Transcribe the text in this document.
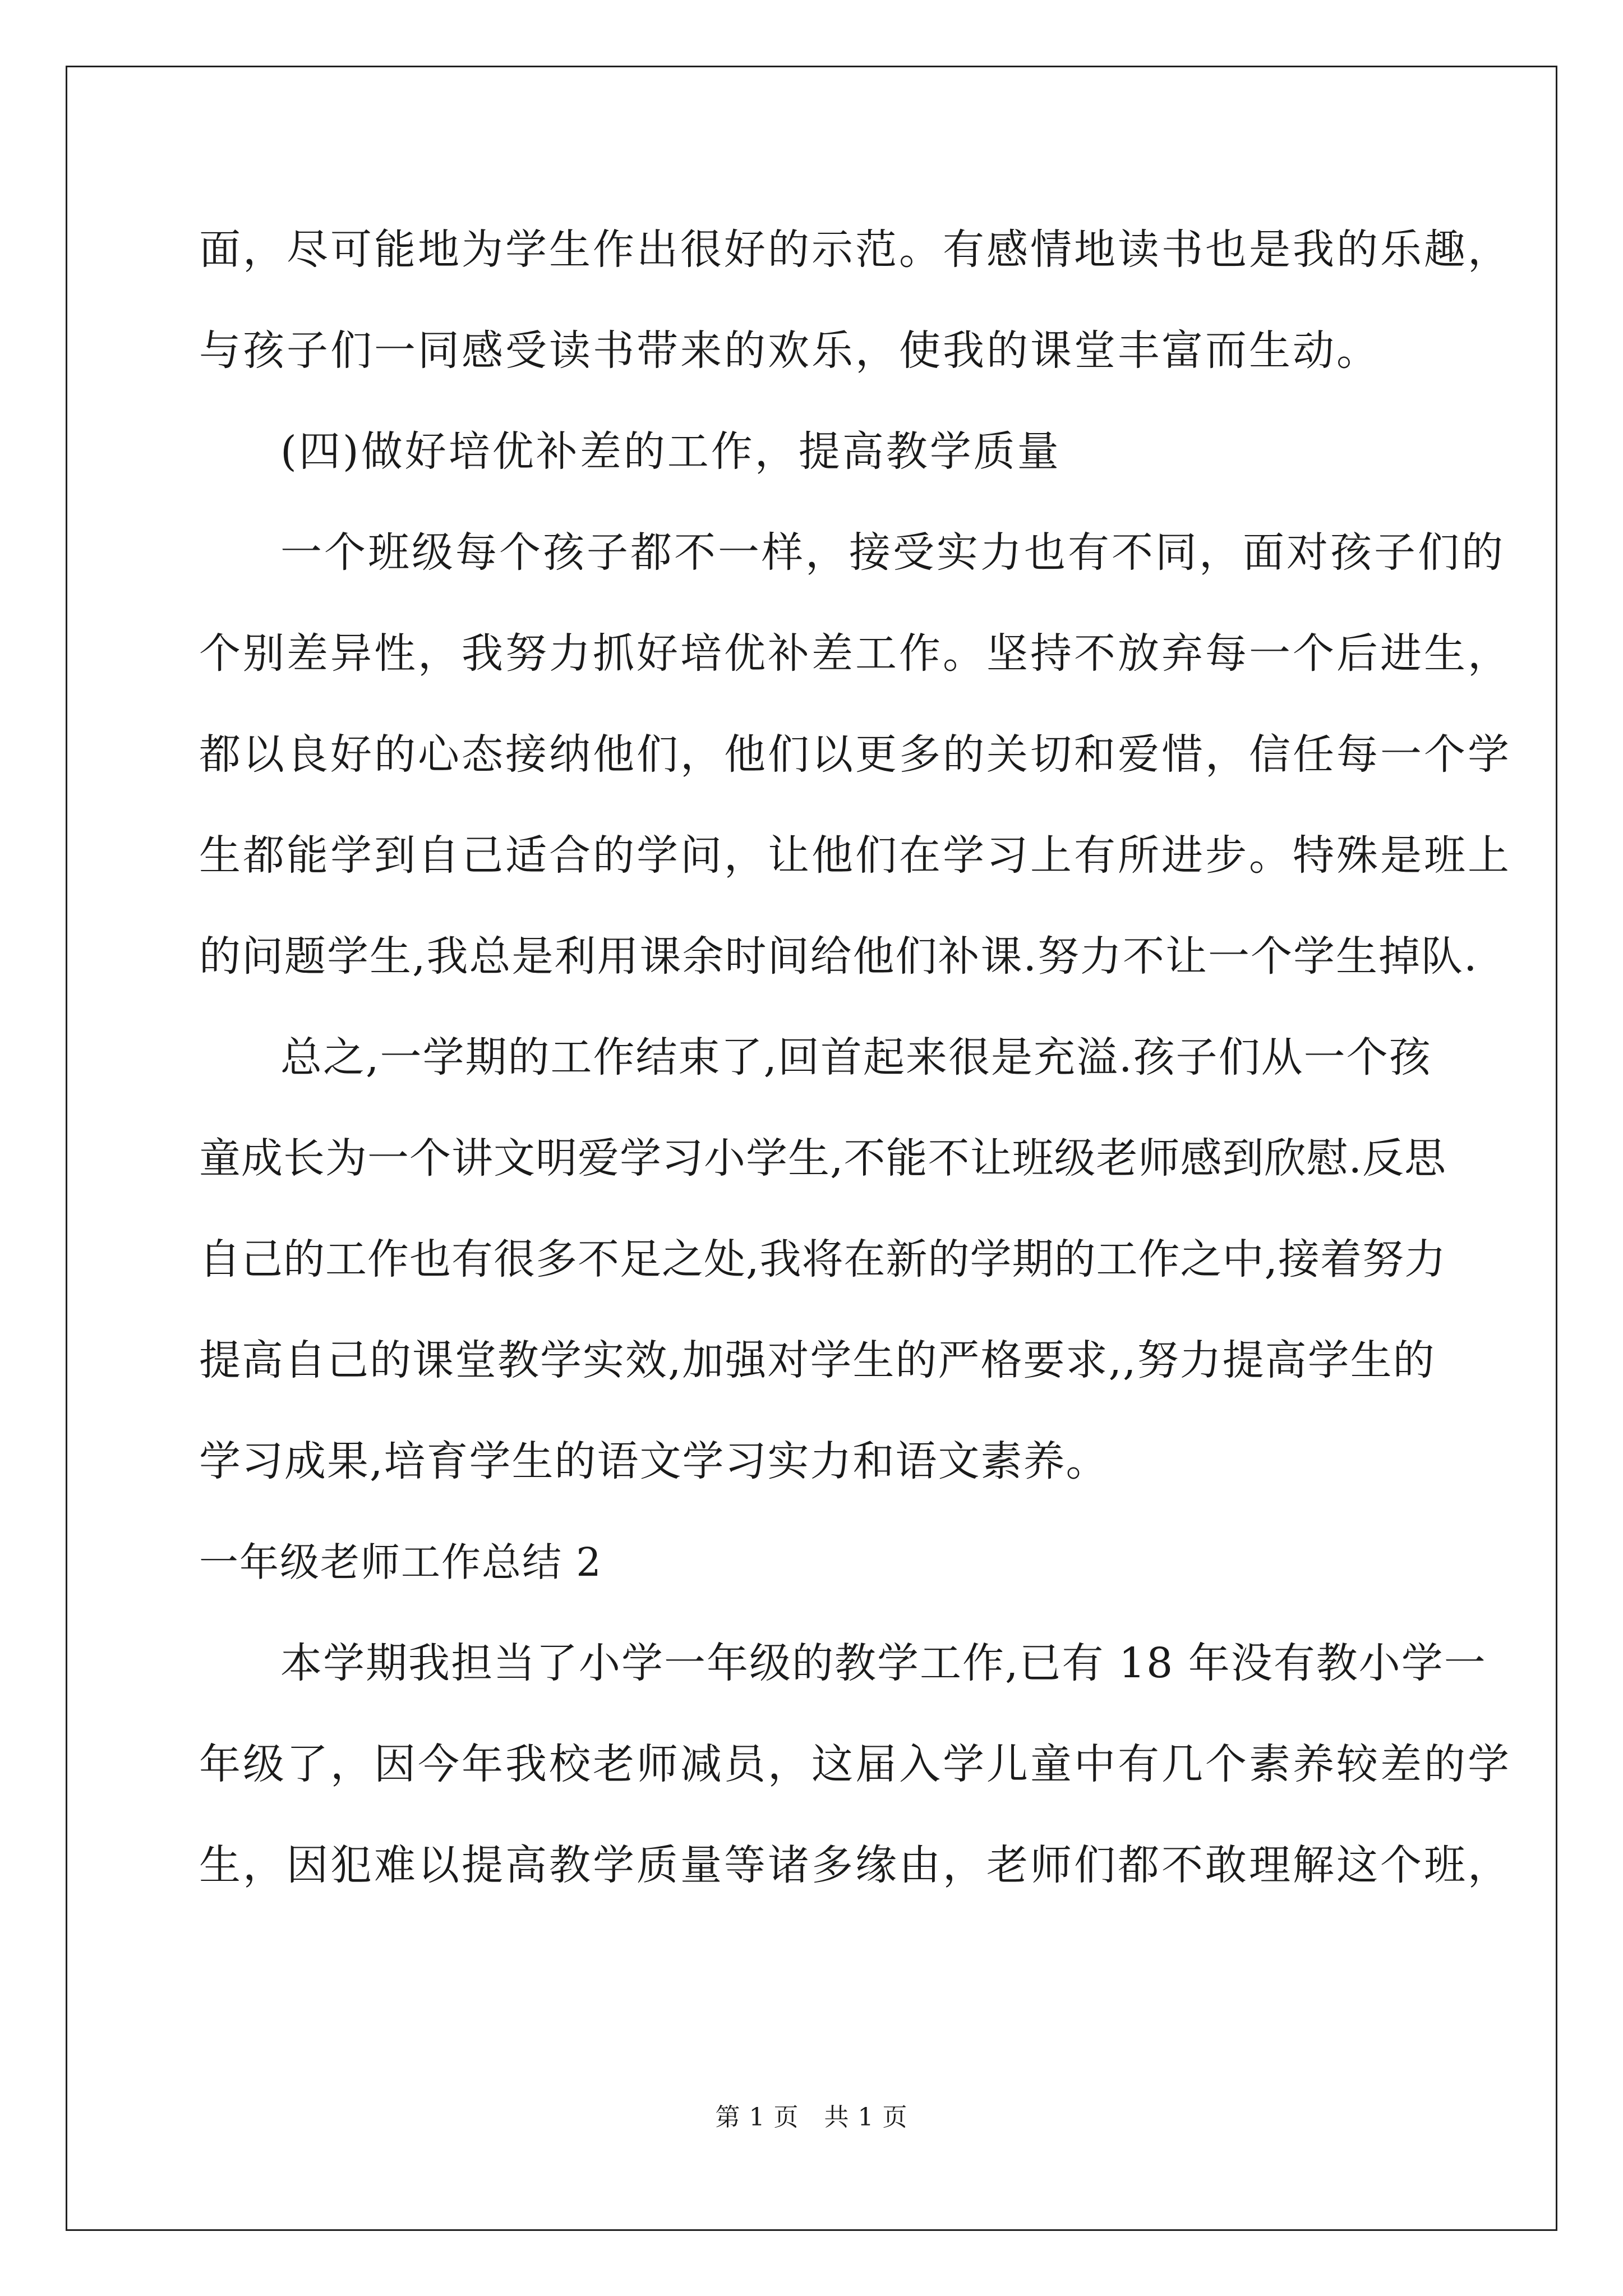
面，尽可能地为学生作出很好的示范。有感情地读书也是我的乐趣，

与孩子们一同感受读书带来的欢乐，使我的课堂丰富而生动。

(四)做好培优补差的工作，提高教学质量

一个班级每个孩子都不一样，接受实力也有不同，面对孩子们的

个别差异性，我努力抓好培优补差工作。坚持不放弃每一个后进生，

都以良好的心态接纳他们，他们以更多的关切和爱惜，信任每一个学

生都能学到自己适合的学问，让他们在学习上有所进步。特殊是班上

的问题学生,我总是利用课余时间给他们补课.努力不让一个学生掉队.

总之,一学期的工作结束了,回首起来很是充溢.孩子们从一个孩

童成长为一个讲文明爱学习小学生,不能不让班级老师感到欣慰.反思

自己的工作也有很多不足之处,我将在新的学期的工作之中,接着努力

提高自己的课堂教学实效,加强对学生的严格要求,,努力提高学生的

学习成果,培育学生的语文学习实力和语文素养。

一年级老师工作总结 2

本学期我担当了小学一年级的教学工作,已有 18 年没有教小学一

年级了，因今年我校老师减员，这届入学儿童中有几个素养较差的学

生，因犯难以提高教学质量等诸多缘由，老师们都不敢理解这个班，

第 1 页　共 1 页
